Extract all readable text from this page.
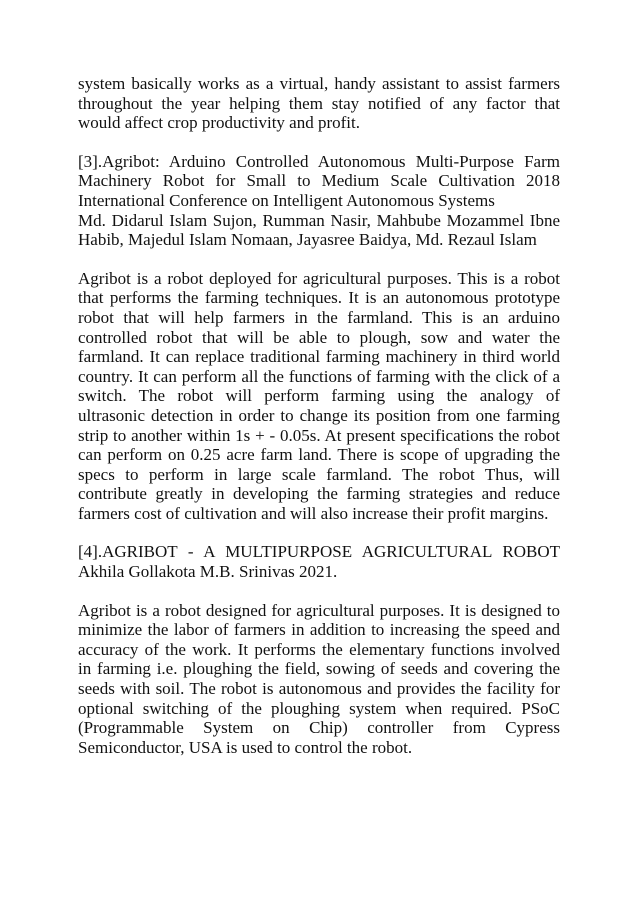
system basically works as a virtual, handy assistant to assist farmers
throughout the year helping them stay notified of any factor that
would affect crop productivity and profit.
[3].Agribot: Arduino Controlled Autonomous Multi-Purpose Farm
Machinery Robot for Small to Medium Scale Cultivation 2018
International Conference on Intelligent Autonomous Systems
Md. Didarul Islam Sujon, Rumman Nasir, Mahbube Mozammel Ibne
Habib, Majedul Islam Nomaan, Jayasree Baidya, Md. Rezaul Islam
Agribot is a robot deployed for agricultural purposes. This is a robot
that performs the farming techniques. It is an autonomous prototype
robot that will help farmers in the farmland. This is an arduino
controlled robot that will be able to plough, sow and water the
farmland. It can replace traditional farming machinery in third world
country. It can perform all the functions of farming with the click of a
switch. The robot will perform farming using the analogy of
ultrasonic detection in order to change its position from one farming
strip to another within 1s + - 0.05s. At present specifications the robot
can perform on 0.25 acre farm land. There is scope of upgrading the
specs to perform in large scale farmland. The robot Thus, will
contribute greatly in developing the farming strategies and reduce
farmers cost of cultivation and will also increase their profit margins.
[4].AGRIBOT - A MULTIPURPOSE AGRICULTURAL ROBOT
Akhila Gollakota M.B. Srinivas 2021.
Agribot is a robot designed for agricultural purposes. It is designed to
minimize the labor of farmers in addition to increasing the speed and
accuracy of the work. It performs the elementary functions involved
in farming i.e. ploughing the field, sowing of seeds and covering the
seeds with soil. The robot is autonomous and provides the facility for
optional switching of the ploughing system when required. PSoC
(Programmable System on Chip) controller from Cypress
Semiconductor, USA is used to control the robot.
